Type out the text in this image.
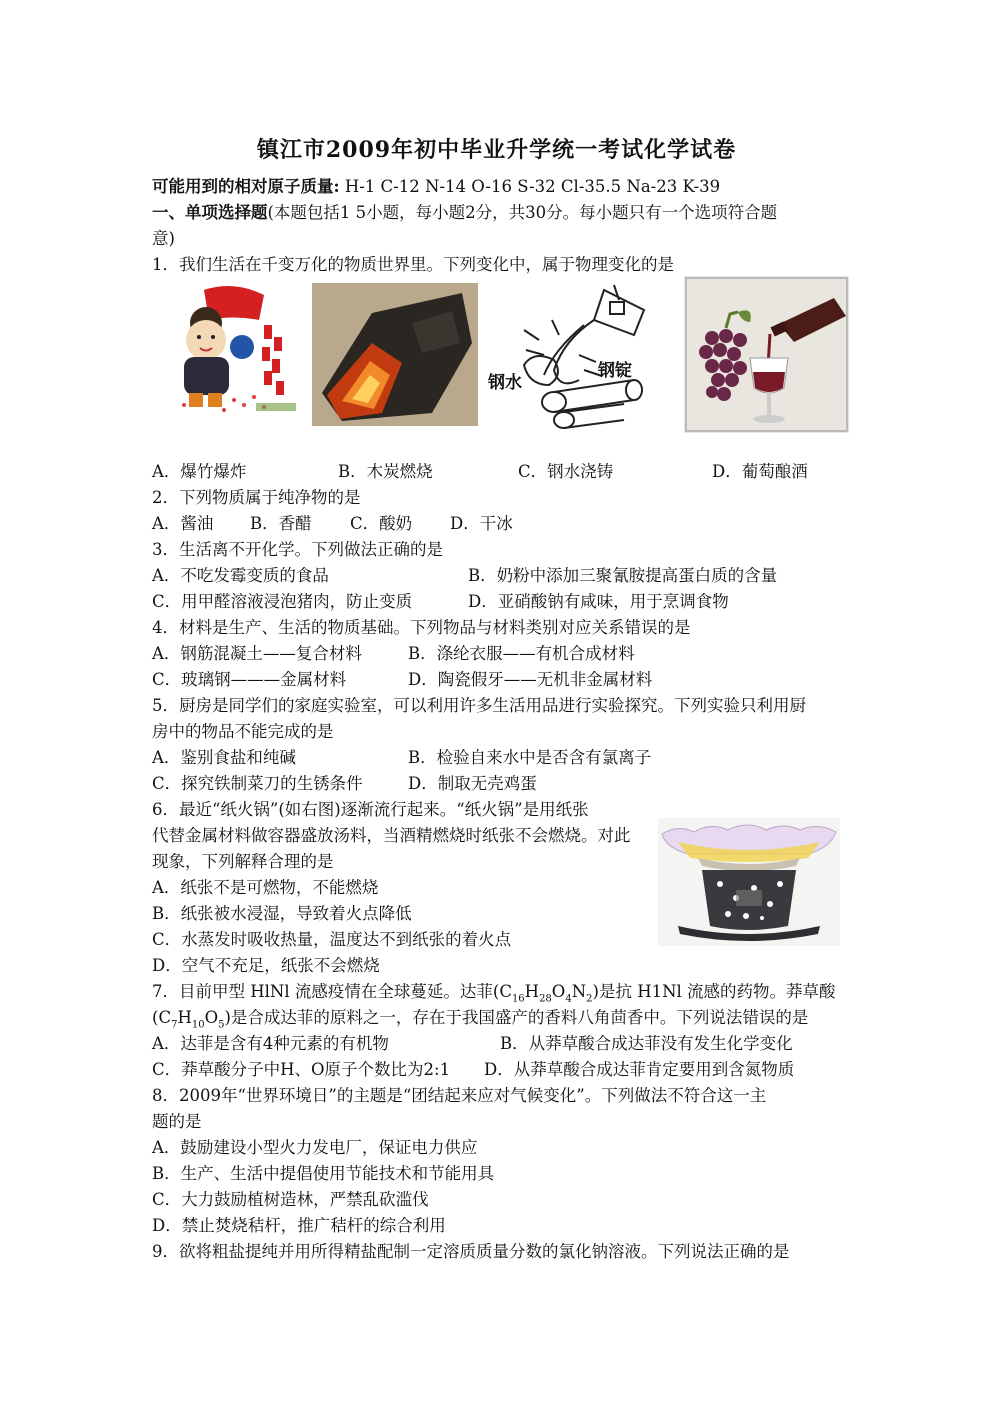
镇江市2009年初中毕业升学统一考试化学试卷
可能用到的相对原子质量: H-1 C-12 N-14 O-16 S-32 Cl-35.5 Na-23 K-39
一、单项选择题(本题包括1 5小题，每小题2分，共30分。每小题只有一个选项符合题
意)
1．我们生活在千变万化的物质世界里。下列变化中，属于物理变化的是
钢水
钢锭
A．爆竹爆炸	B．木炭燃烧	C．钢水浇铸	D．葡萄酿酒
2．下列物质属于纯净物的是
A．酱油 B．香醋 C．酸奶 D．干冰
3．生活离不开化学。下列做法正确的是
A．不吃发霉变质的食品	B．奶粉中添加三聚氰胺提高蛋白质的含量
C．用甲醛溶液浸泡猪肉，防止变质	D．亚硝酸钠有咸味，用于烹调食物
4．材料是生产、生活的物质基础。下列物品与材料类别对应关系错误的是
A．钢筋混凝土——复合材料	B．涤纶衣服——有机合成材料
C．玻璃钢———金属材料	D．陶瓷假牙——无机非金属材料
5．厨房是同学们的家庭实验室，可以利用许多生活用品进行实验探究。下列实验只利用厨
房中的物品不能完成的是
A．鉴别食盐和纯碱	B．检验自来水中是否含有氯离子
C．探究铁制菜刀的生锈条件	D．制取无壳鸡蛋
6．最近“纸火锅”(如右图)逐渐流行起来。“纸火锅”是用纸张
代替金属材料做容器盛放汤料，当酒精燃烧时纸张不会燃烧。对此
现象，下列解释合理的是
A．纸张不是可燃物，不能燃烧
B．纸张被水浸湿，导致着火点降低
C．水蒸发时吸收热量，温度达不到纸张的着火点
D．空气不充足，纸张不会燃烧
7．目前甲型 HlNl 流感疫情在全球蔓延。达菲$(C_{16}H_{28}O_4N_2)$是抗 H1Nl 流感的药物。莽草酸
$(C_7H_{10}O_5)$是合成达菲的原料之一，存在于我国盛产的香料八角茴香中。下列说法错误的是
A．达菲是含有4种元素的有机物	B．从莽草酸合成达菲没有发生化学变化
C．莽草酸分子中H、O原子个数比为2:1 D．从莽草酸合成达菲肯定要用到含氮物质
8．2009年“世界环境日”的主题是“团结起来应对气候变化”。下列做法不符合这一主
题的是
A．鼓励建设小型火力发电厂，保证电力供应
B．生产、生活中提倡使用节能技术和节能用具
C．大力鼓励植树造林，严禁乱砍滥伐
D．禁止焚烧秸杆，推广秸杆的综合利用
9．欲将粗盐提纯并用所得精盐配制一定溶质质量分数的氯化钠溶液。下列说法正确的是
